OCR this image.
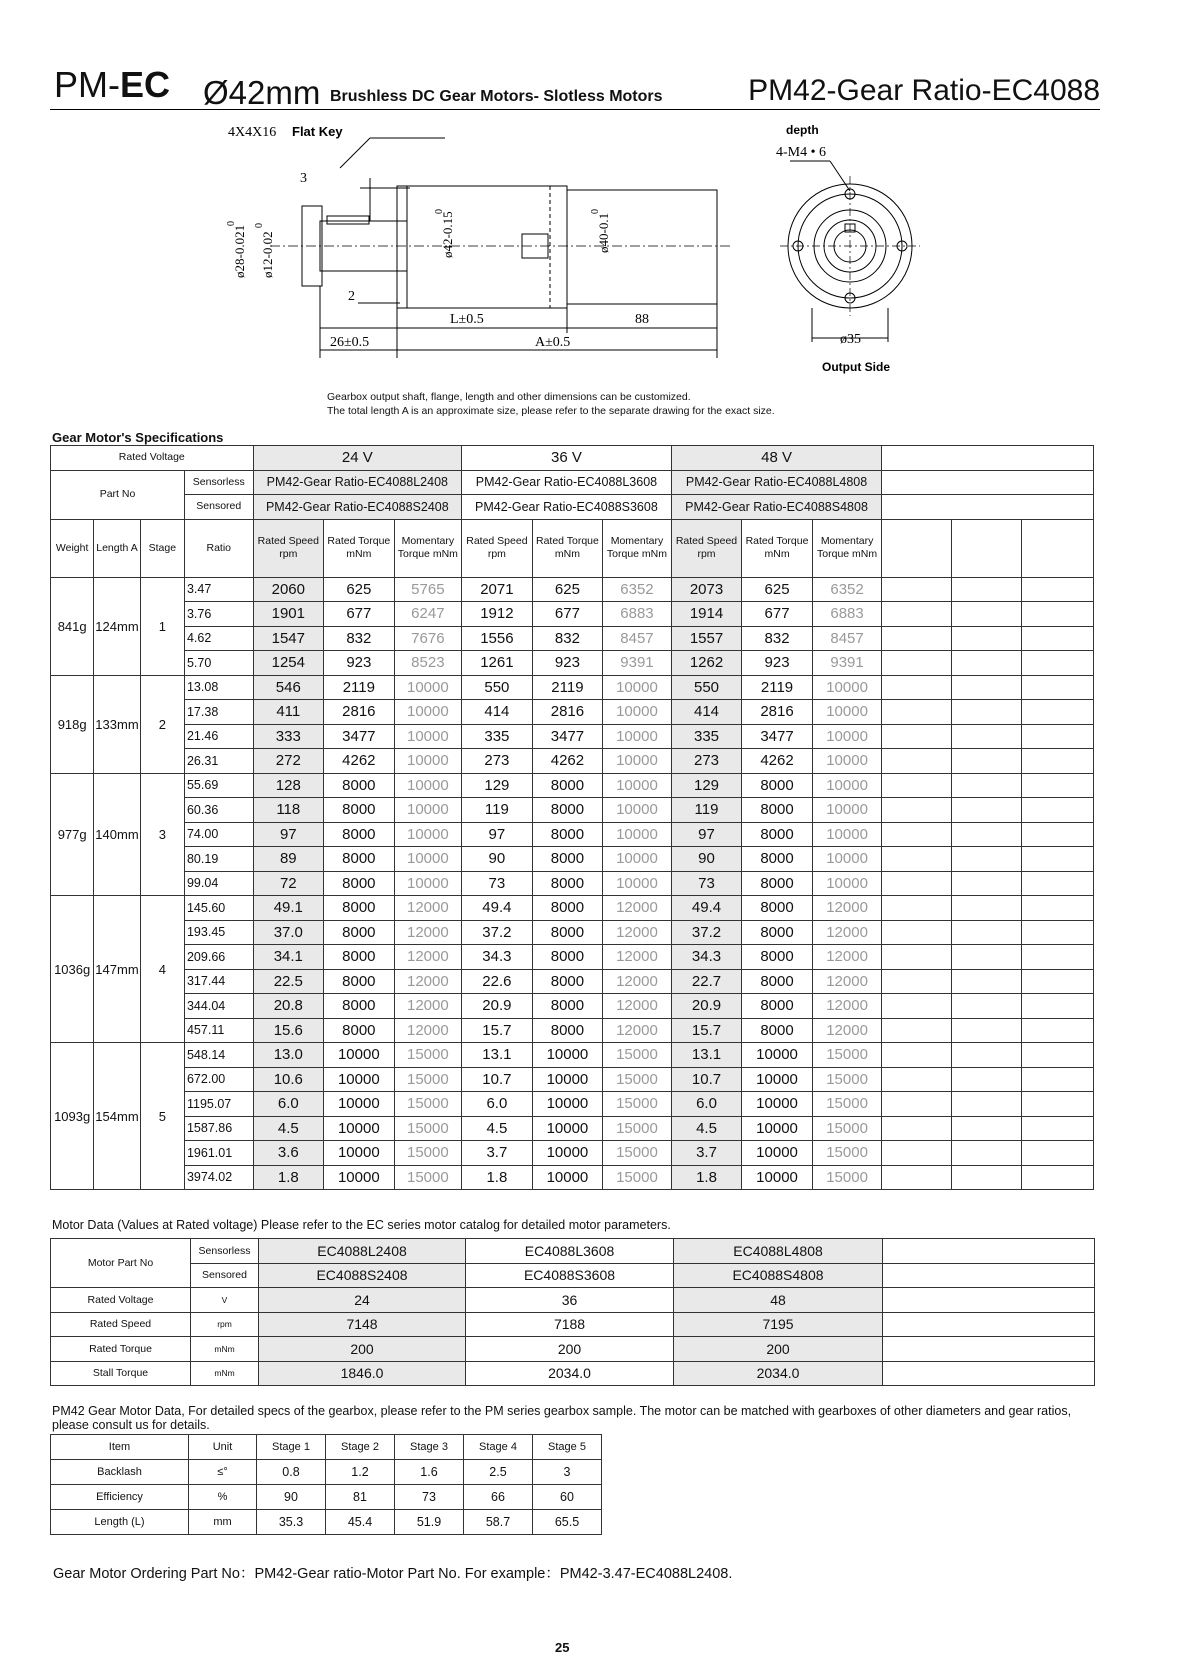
PM-EC Ø42mm Brushless DC Gear Motors- Slotless Motors	PM42-Gear Ratio-EC4088
4X4X16 Flat Key
3
2
26±0.5
L±0.5	88
A±0.5
ø28-0.021
0
ø12-0.02
0	ø42-0.15
0
ø40-0.1
0
depth
4-M4 • 6
ø35
Output Side
Gearbox output shaft, flange, length and other dimensions can be customized.
The total length A is an approximate size, please refer to the separate drawing for the exact size.
Gear Motor's Specifications
Rated Voltage				24 V			36 V			48 V					
Part No			Sensorless	PM42-Gear Ratio-EC4088L2408			PM42-Gear Ratio-EC4088L3608			PM42-Gear Ratio-EC4088L4808					
			Sensored	PM42-Gear Ratio-EC4088S2408			PM42-Gear Ratio-EC4088S3608			PM42-Gear Ratio-EC4088S4808					
Weight	Length A	Stage	Ratio	Rated Speed rpm	Rated Torque mNm	Momentary Torque mNm	Rated Speed rpm	Rated Torque mNm	Momentary Torque mNm	Rated Speed rpm	Rated Torque mNm	Momentary Torque mNm			
841g	124mm	1	3.47	2060	625	5765	2071	625	6352	2073	625	6352			
			3.76	1901	677	6247	1912	677	6883	1914	677	6883			
			4.62	1547	832	7676	1556	832	8457	1557	832	8457			
			5.70	1254	923	8523	1261	923	9391	1262	923	9391			
918g	133mm	2	13.08	546	2119	10000	550	2119	10000	550	2119	10000			
			17.38	411	2816	10000	414	2816	10000	414	2816	10000			
			21.46	333	3477	10000	335	3477	10000	335	3477	10000			
			26.31	272	4262	10000	273	4262	10000	273	4262	10000			
977g	140mm	3	55.69	128	8000	10000	129	8000	10000	129	8000	10000			
			60.36	118	8000	10000	119	8000	10000	119	8000	10000			
			74.00	97	8000	10000	97	8000	10000	97	8000	10000			
			80.19	89	8000	10000	90	8000	10000	90	8000	10000			
			99.04	72	8000	10000	73	8000	10000	73	8000	10000			
1036g	147mm	4	145.60	49.1	8000	12000	49.4	8000	12000	49.4	8000	12000			
			193.45	37.0	8000	12000	37.2	8000	12000	37.2	8000	12000			
			209.66	34.1	8000	12000	34.3	8000	12000	34.3	8000	12000			
			317.44	22.5	8000	12000	22.6	8000	12000	22.7	8000	12000			
			344.04	20.8	8000	12000	20.9	8000	12000	20.9	8000	12000			
			457.11	15.6	8000	12000	15.7	8000	12000	15.7	8000	12000			
1093g	154mm	5	548.14	13.0	10000	15000	13.1	10000	15000	13.1	10000	15000			
			672.00	10.6	10000	15000	10.7	10000	15000	10.7	10000	15000			
			1195.07	6.0	10000	15000	6.0	10000	15000	6.0	10000	15000			
			1587.86	4.5	10000	15000	4.5	10000	15000	4.5	10000	15000			
			1961.01	3.6	10000	15000	3.7	10000	15000	3.7	10000	15000			
			3974.02	1.8	10000	15000	1.8	10000	15000	1.8	10000	15000			
Motor Data (Values at Rated voltage) Please refer to the EC series motor catalog for detailed motor parameters.
Motor Part No	Sensorless	EC4088L2408	EC4088L3608	EC4088L4808	
	Sensored	EC4088S2408	EC4088S3608	EC4088S4808	
Rated Voltage	V	24	36	48	
Rated Speed	rpm	7148	7188	7195	
Rated Torque	mNm	200	200	200	
Stall Torque	mNm	1846.0	2034.0	2034.0	
PM42 Gear Motor Data, For detailed specs of the gearbox, please refer to the PM series gearbox sample. The motor can be matched with gearboxes of other diameters and gear ratios, please consult us for details.
Item	Unit	Stage 1	Stage 2	Stage 3	Stage 4	Stage 5
Backlash	≤°	0.8	1.2	1.6	2.5	3
Efficiency	%	90	81	73	66	60
Length (L)	mm	35.3	45.4	51.9	58.7	65.5
Gear Motor Ordering Part No：PM42-Gear ratio-Motor Part No. For example：PM42-3.47-EC4088L2408.
25
